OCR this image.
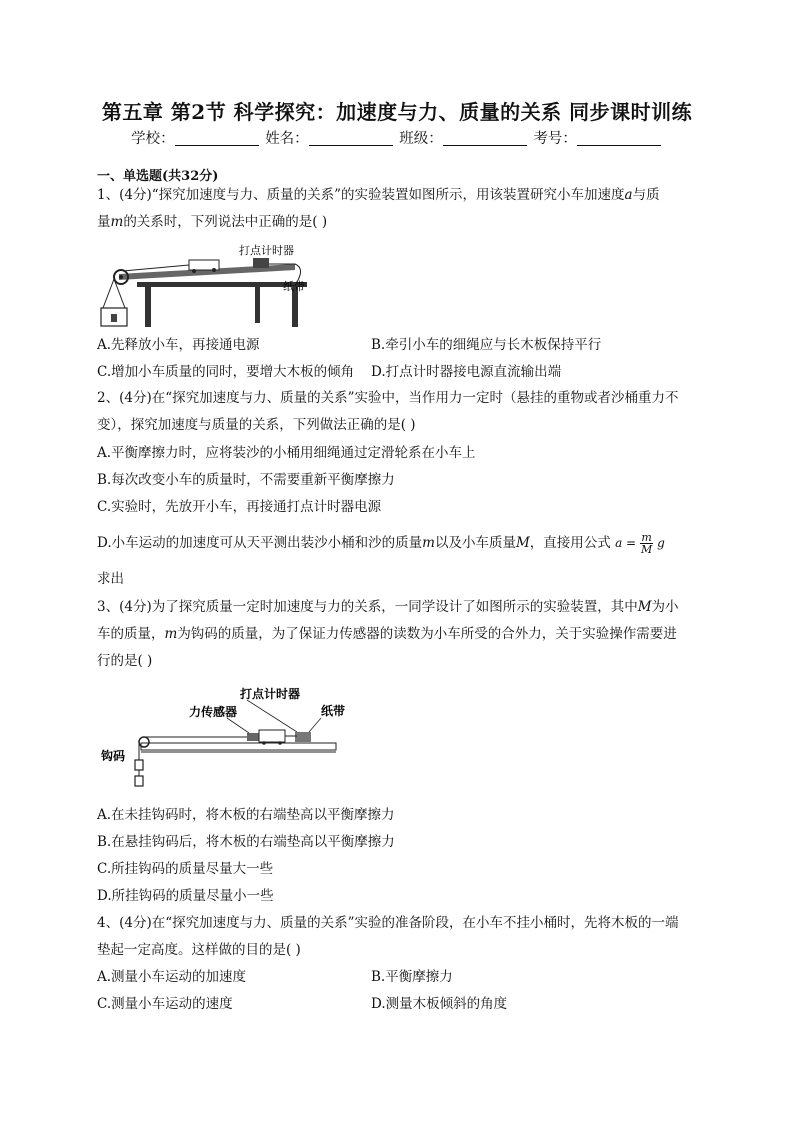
第五章 第2节 科学探究：加速度与力、质量的关系 同步课时训练
学校：	姓名：	班级：	考号：
一、单选题(共32分)
1、(4分)“探究加速度与力、质量的关系”的实验装置如图所示，用该装置研究小车加速度a与质
量m的关系时，下列说法中正确的是( )
打点计时器
纸带
A.先释放小车，再接通电源	B.牵引小车的细绳应与长木板保持平行
C.增加小车质量的同时，要增大木板的倾角 D.打点计时器接电源直流输出端
2、(4分)在“探究加速度与力、质量的关系”实验中，当作用力一定时（悬挂的重物或者沙桶重力不
变），探究加速度与质量的关系，下列做法正确的是( )
A.平衡摩擦力时，应将装沙的小桶用细绳通过定滑轮系在小车上
B.每次改变小车的质量时，不需要重新平衡摩擦力
C.实验时，先放开小车，再接通打点计时器电源
D.小车运动的加速度可从天平测出装沙小桶和沙的质量m以及小车质量M，直接用公式 $a = \frac{m}{M}$ g
求出
3、(4分)为了探究质量一定时加速度与力的关系，一同学设计了如图所示的实验装置，其中M为小
车的质量，m为钩码的质量，为了保证力传感器的读数为小车所受的合外力，关于实验操作需要进
行的是( )
打点计时器
力传感器	纸带
钩码
A.在未挂钩码时，将木板的右端垫高以平衡摩擦力
B.在悬挂钩码后，将木板的右端垫高以平衡摩擦力
C.所挂钩码的质量尽量大一些
D.所挂钩码的质量尽量小一些
4、(4分)在“探究加速度与力、质量的关系”实验的准备阶段，在小车不挂小桶时，先将木板的一端
垫起一定高度。这样做的目的是( )
A.测量小车运动的加速度	B.平衡摩擦力
C.测量小车运动的速度	D.测量木板倾斜的角度
